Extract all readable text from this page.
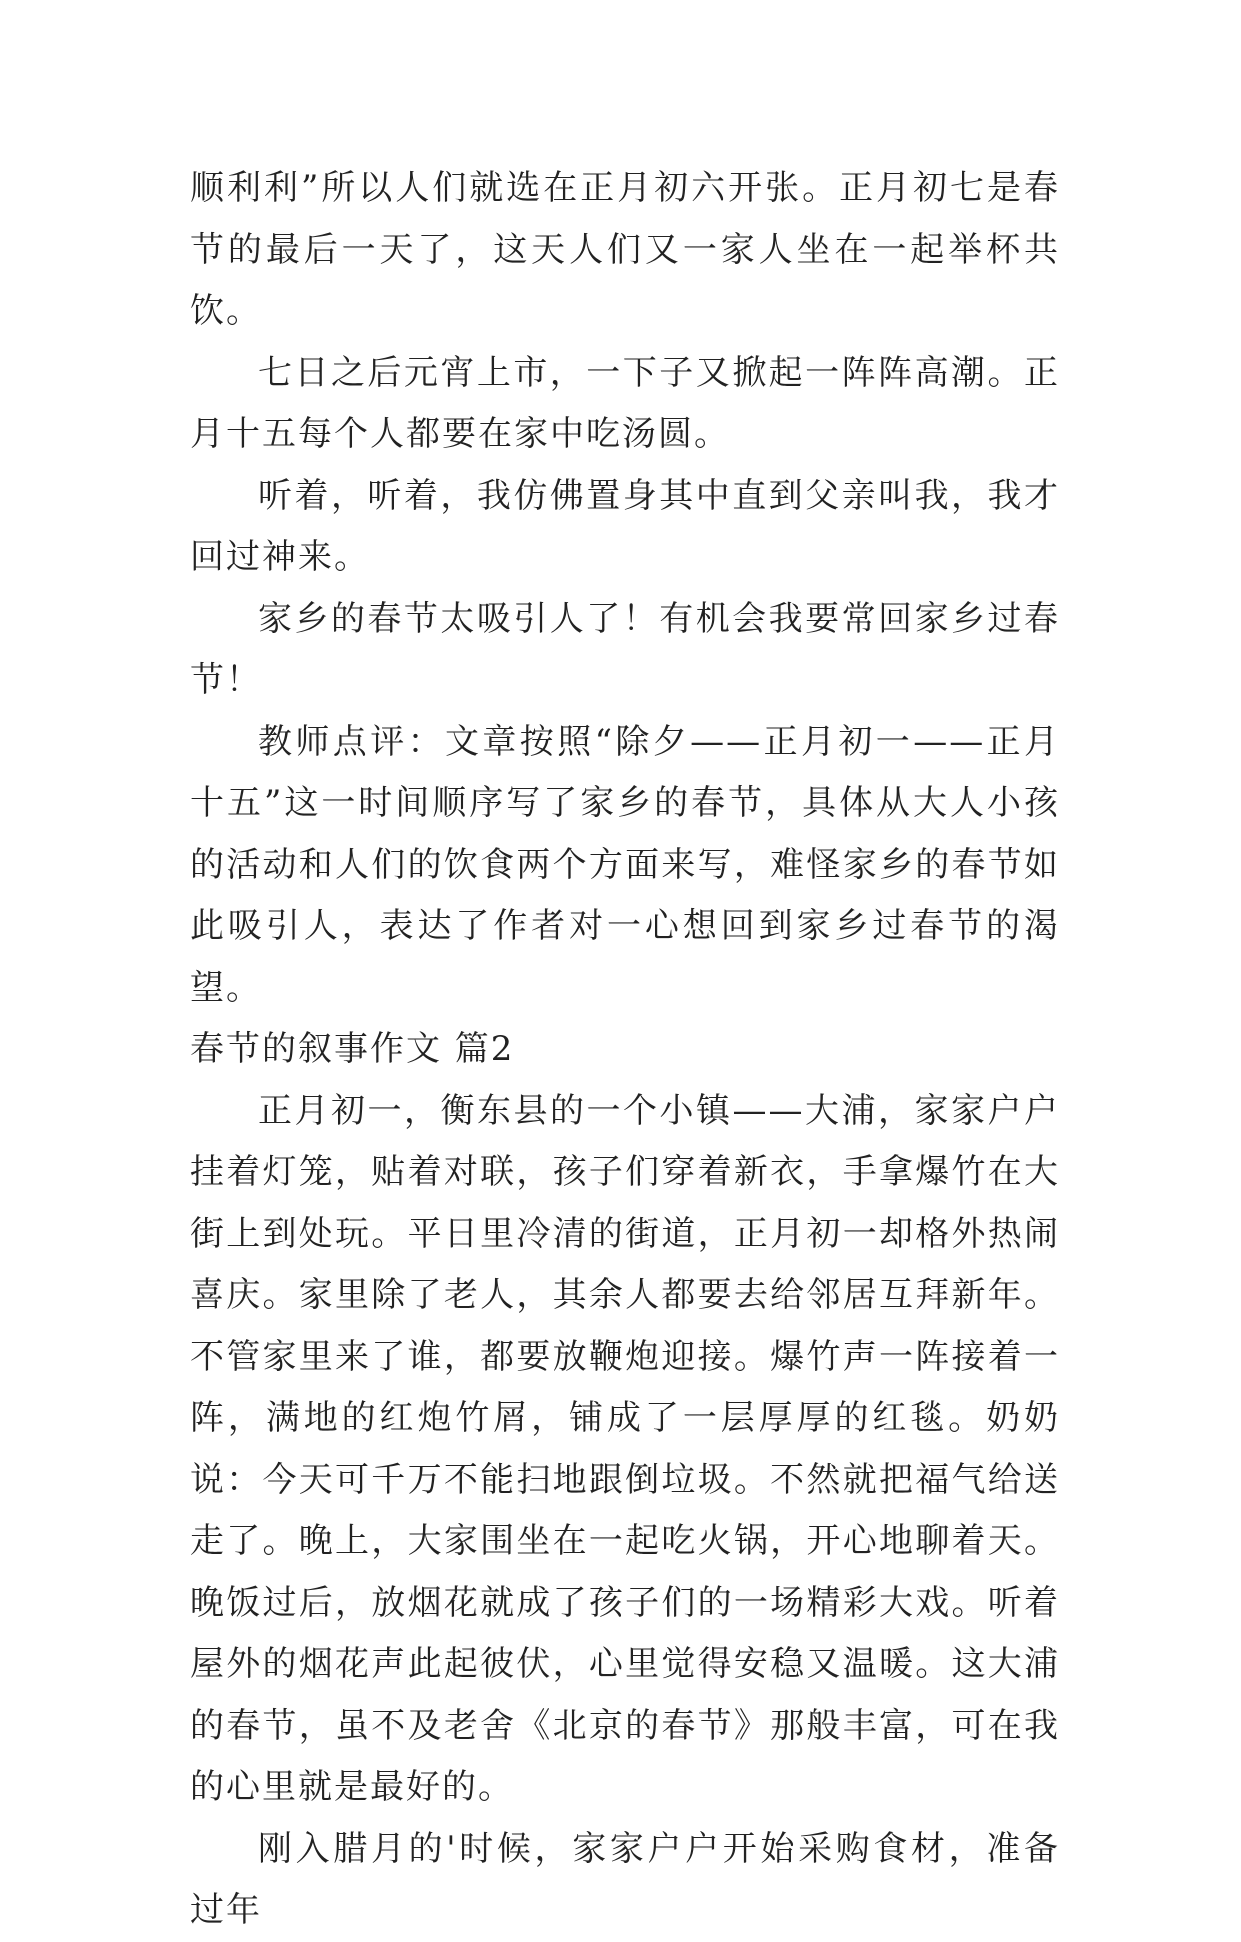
顺利利”所以人们就选在正月初六开张。正月初七是春节的最后一天了，这天人们又一家人坐在一起举杯共饮。

七日之后元宵上市，一下子又掀起一阵阵高潮。正月十五每个人都要在家中吃汤圆。

听着，听着，我仿佛置身其中直到父亲叫我，我才回过神来。

家乡的春节太吸引人了！有机会我要常回家乡过春节！

教师点评：文章按照“除夕——正月初一——正月十五”这一时间顺序写了家乡的春节，具体从大人小孩的活动和人们的饮食两个方面来写，难怪家乡的春节如此吸引人，表达了作者对一心想回到家乡过春节的渴望。

春节的叙事作文 篇2

正月初一，衡东县的一个小镇——大浦，家家户户挂着灯笼，贴着对联，孩子们穿着新衣，手拿爆竹在大街上到处玩。平日里冷清的街道，正月初一却格外热闹喜庆。家里除了老人，其余人都要去给邻居互拜新年。不管家里来了谁，都要放鞭炮迎接。爆竹声一阵接着一阵，满地的红炮竹屑，铺成了一层厚厚的红毯。奶奶说：今天可千万不能扫地跟倒垃圾。不然就把福气给送走了。晚上，大家围坐在一起吃火锅，开心地聊着天。晚饭过后，放烟花就成了孩子们的一场精彩大戏。听着屋外的烟花声此起彼伏，心里觉得安稳又温暖。这大浦的春节，虽不及老舍《北京的春节》那般丰富，可在我的心里就是最好的。

刚入腊月的'时候，家家户户开始采购食材，准备过年
